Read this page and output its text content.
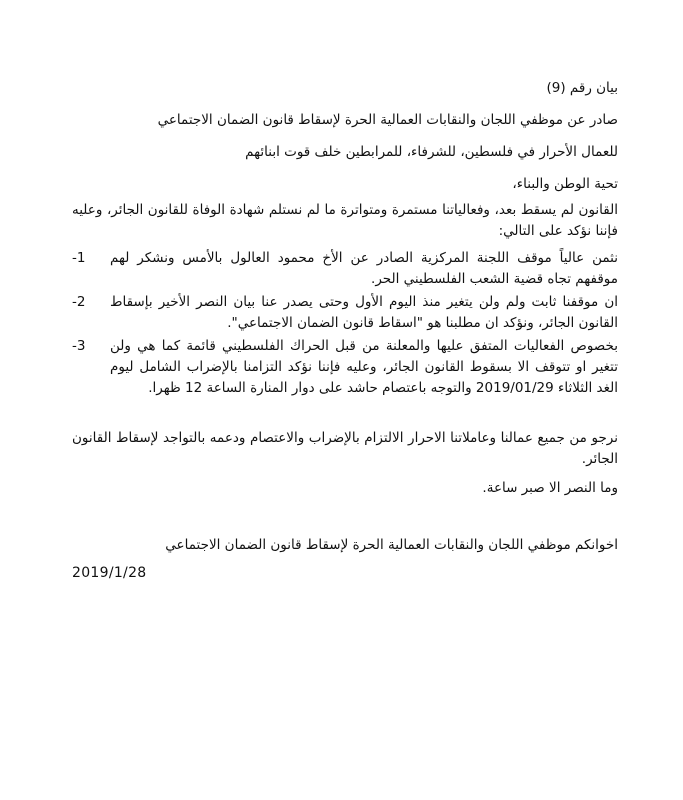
بيان رقم (9)
صادر عن موظفي اللجان والنقابات العمالية الحرة لإسقاط قانون الضمان الاجتماعي
للعمال الأحرار في فلسطين، للشرفاء، للمرابطين خلف قوت ابنائهم
تحية الوطن والبناء،
القانون لم يسقط بعد، وفعالياتنا مستمرة ومتواترة ما لم نستلم شهادة الوفاة للقانون الجائر، وعليه فإننا نؤكد على التالي:
-1	نثمن عالياً موقف اللجنة المركزية الصادر عن الأخ محمود العالول بالأمس ونشكر لهم موقفهم تجاه قضية الشعب الفلسطيني الحر.
-2	ان موقفنا ثابت ولم ولن يتغير منذ اليوم الأول وحتى يصدر عنا بيان النصر الأخير بإسقاط القانون الجائر، ونؤكد ان مطلبنا هو "اسقاط قانون الضمان الاجتماعي".
-3	بخصوص الفعاليات المتفق عليها والمعلنة من قبل الحراك الفلسطيني قائمة كما هي ولن تتغير او تتوقف الا بسقوط القانون الجائر، وعليه فإننا نؤكد التزامنا بالإضراب الشامل ليوم الغد الثلاثاء 2019/01/29 والتوجه باعتصام حاشد على دوار المنارة الساعة 12 ظهرا.
نرجو من جميع عمالنا وعاملاتنا الاحرار الالتزام بالإضراب والاعتصام ودعمه بالتواجد لإسقاط القانون الجائر.
وما النصر الا صبر ساعة.
اخوانكم موظفي اللجان والنقابات العمالية الحرة لإسقاط قانون الضمان الاجتماعي
2019/1/28
